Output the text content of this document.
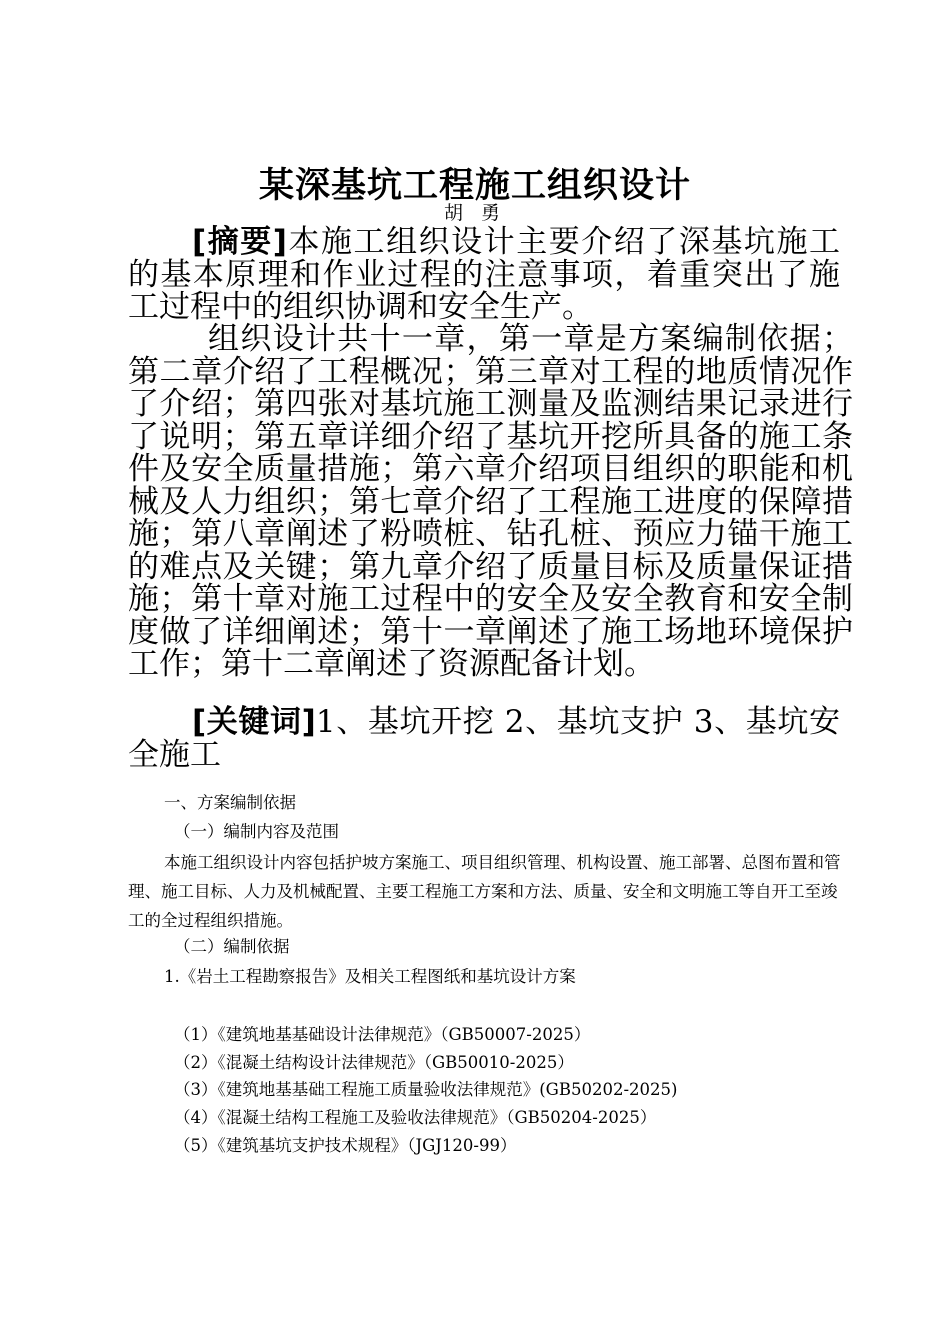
某深基坑工程施工组织设计
胡 勇
[摘要]本施工组织设计主要介绍了深基坑施工的基本原理和作业过程的注意事项，着重突出了施工过程中的组织协调和安全生产。
组织设计共十一章，第一章是方案编制依据；第二章介绍了工程概况；第三章对工程的地质情况作了介绍；第四张对基坑施工测量及监测结果记录进行了说明；第五章详细介绍了基坑开挖所具备的施工条件及安全质量措施；第六章介绍项目组织的职能和机械及人力组织；第七章介绍了工程施工进度的保障措施；第八章阐述了粉喷桩、钻孔桩、预应力锚干施工的难点及关键；第九章介绍了质量目标及质量保证措施；第十章对施工过程中的安全及安全教育和安全制度做了详细阐述；第十一章阐述了施工场地环境保护工作；第十二章阐述了资源配备计划。
[关键词]1、基坑开挖 2、基坑支护 3、基坑安全施工
一、方案编制依据
（一）编制内容及范围
本施工组织设计内容包括护坡方案施工、项目组织管理、机构设置、施工部署、总图布置和管理、施工目标、人力及机械配置、主要工程施工方案和方法、质量、安全和文明施工等自开工至竣工的全过程组织措施。
（二）编制依据
1.《岩土工程勘察报告》及相关工程图纸和基坑设计方案
（1）《建筑地基基础设计法律规范》（GB50007-2025）
（2）《混凝土结构设计法律规范》（GB50010-2025）
（3）《建筑地基基础工程施工质量验收法律规范》(GB50202-2025)
（4）《混凝土结构工程施工及验收法律规范》（GB50204-2025）
（5）《建筑基坑支护技术规程》（JGJ120-99）
